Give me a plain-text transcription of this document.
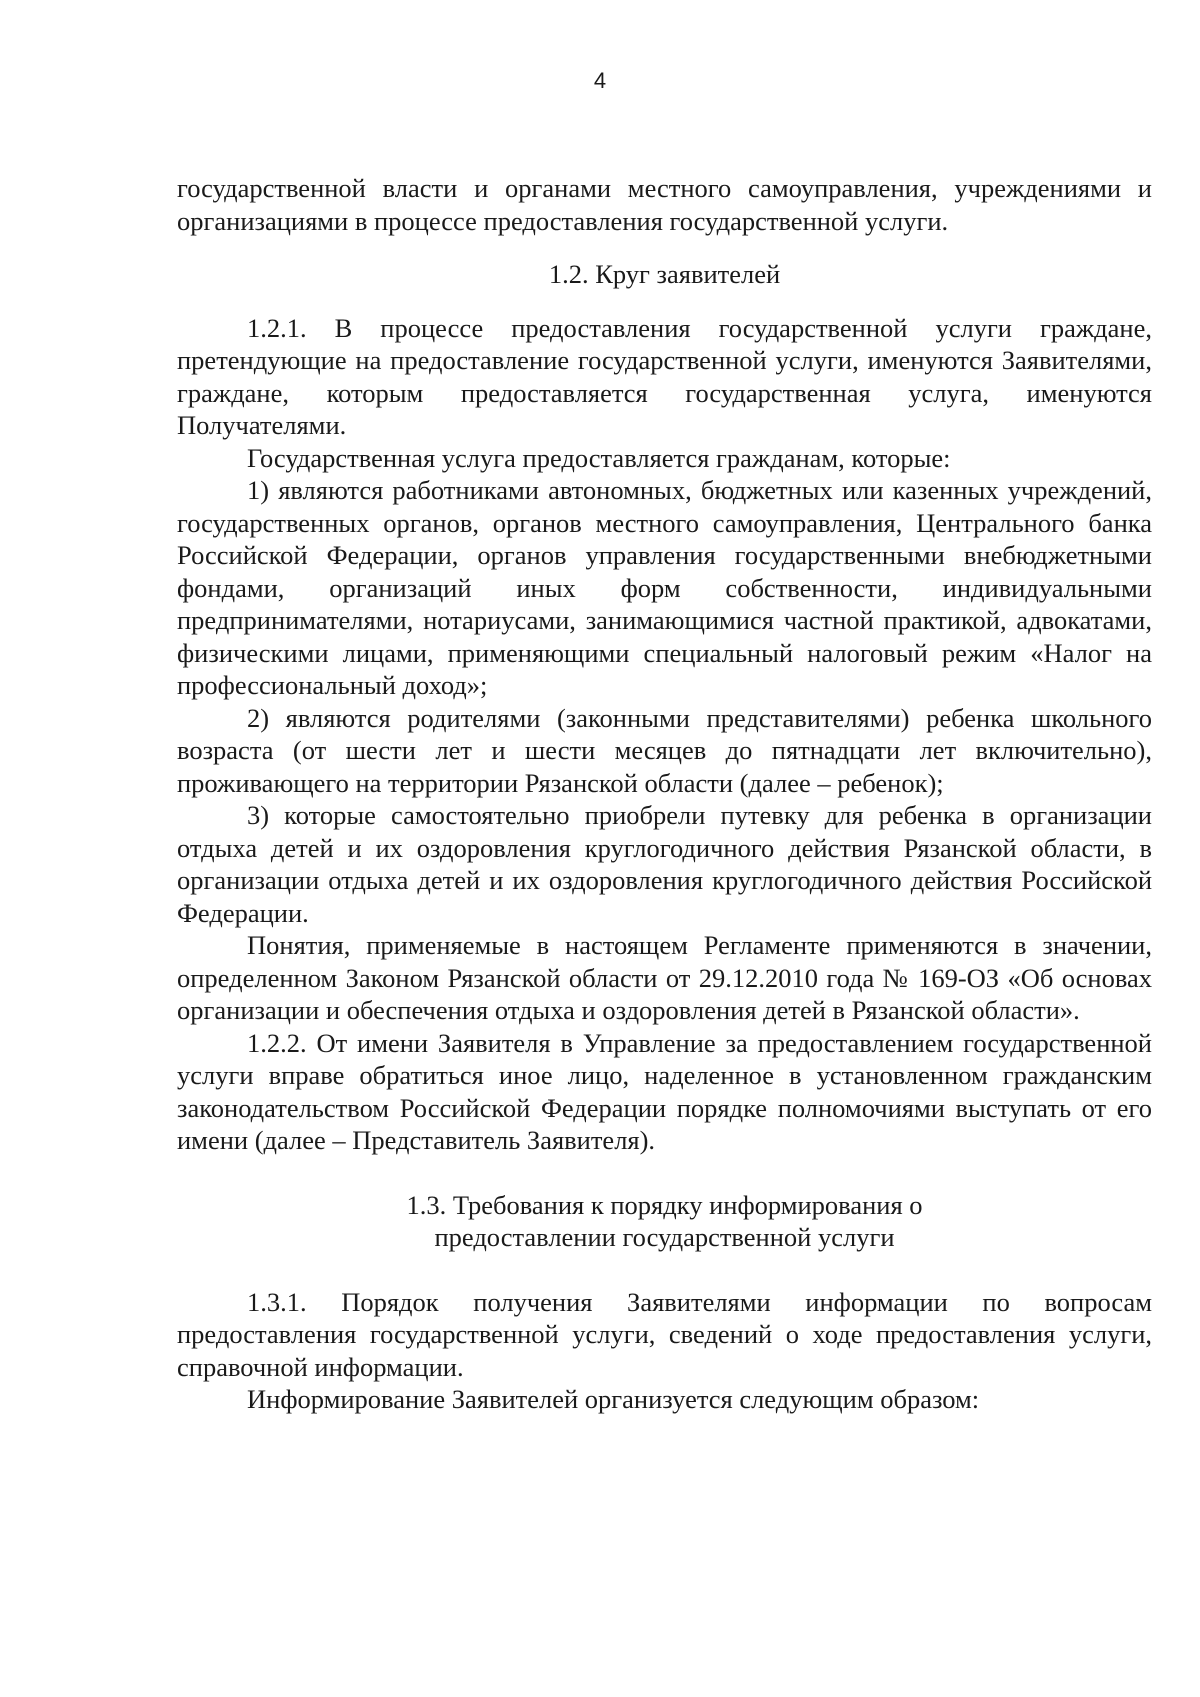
4

государственной власти и органами местного самоуправления, учреждениями и организациями в процессе предоставления государственной услуги.

1.2. Круг заявителей

1.2.1. В процессе предоставления государственной услуги граждане, претендующие на предоставление государственной услуги, именуются Заявителями, граждане, которым предоставляется государственная услуга, именуются Получателями.

Государственная услуга предоставляется гражданам, которые:

1) являются работниками автономных, бюджетных или казенных учреждений, государственных органов, органов местного самоуправления, Центрального банка Российской Федерации, органов управления государственными внебюджетными фондами, организаций иных форм собственности, индивидуальными предпринимателями, нотариусами, занимающимися частной практикой, адвокатами, физическими лицами, применяющими специальный налоговый режим «Налог на профессиональный доход»;

2) являются родителями (законными представителями) ребенка школьного возраста (от шести лет и шести месяцев до пятнадцати лет включительно), проживающего на территории Рязанской области (далее – ребенок);

3) которые самостоятельно приобрели путевку для ребенка в организации отдыха детей и их оздоровления круглогодичного действия Рязанской области, в организации отдыха детей и их оздоровления круглогодичного действия Российской Федерации.

Понятия, применяемые в настоящем Регламенте применяются в значении, определенном Законом Рязанской области от 29.12.2010 года № 169-ОЗ «Об основах организации и обеспечения отдыха и оздоровления детей в Рязанской области».

1.2.2. От имени Заявителя в Управление за предоставлением государственной услуги вправе обратиться иное лицо, наделенное в установленном гражданским законодательством Российской Федерации порядке полномочиями выступать от его имени (далее – Представитель Заявителя).

1.3. Требования к порядку информирования о

предоставлении государственной услуги

1.3.1. Порядок получения Заявителями информации по вопросам предоставления государственной услуги, сведений о ходе предоставления услуги, справочной информации.

Информирование Заявителей организуется следующим образом:
